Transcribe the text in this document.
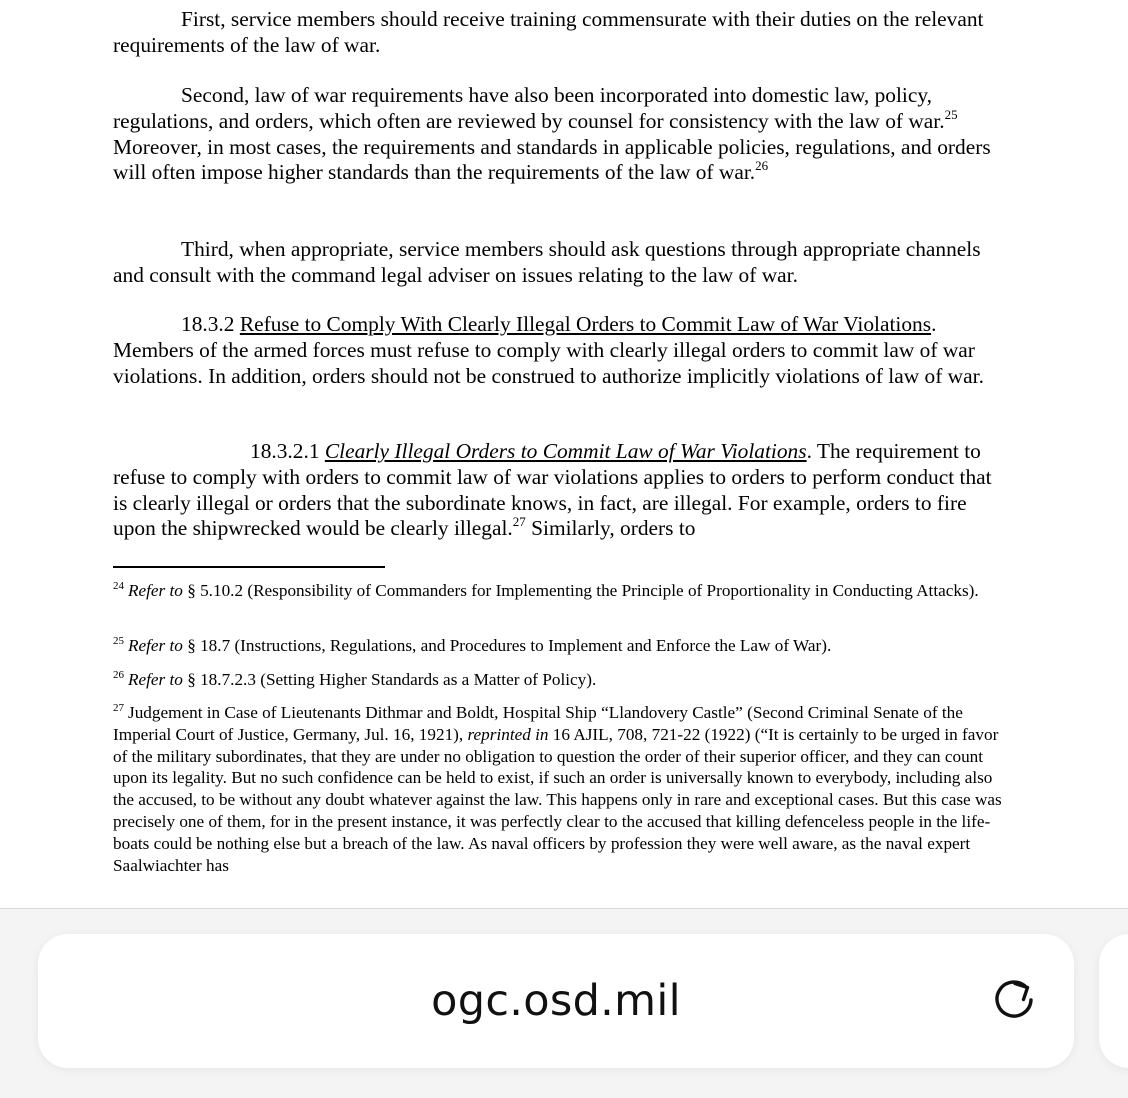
First, service members should receive training commensurate with their duties on the relevant requirements of the law of war.

Second, law of war requirements have also been incorporated into domestic law, policy, regulations, and orders, which often are reviewed by counsel for consistency with the law of war.$^{25}$ Moreover, in most cases, the requirements and standards in applicable policies, regulations, and orders will often impose higher standards than the requirements of the law of war.$^{26}$

Third, when appropriate, service members should ask questions through appropriate channels and consult with the command legal adviser on issues relating to the law of war.

18.3.2 Refuse to Comply With Clearly Illegal Orders to Commit Law of War Violations. Members of the armed forces must refuse to comply with clearly illegal orders to commit law of war violations. In addition, orders should not be construed to authorize implicitly violations of law of war.

18.3.2.1 Clearly Illegal Orders to Commit Law of War Violations. The requirement to refuse to comply with orders to commit law of war violations applies to orders to perform conduct that is clearly illegal or orders that the subordinate knows, in fact, are illegal. For example, orders to fire upon the shipwrecked would be clearly illegal.$^{27}$ Similarly, orders to

$^{24}$ Refer to § 5.10.2 (Responsibility of Commanders for Implementing the Principle of Proportionality in Conducting Attacks).

$^{25}$ Refer to § 18.7 (Instructions, Regulations, and Procedures to Implement and Enforce the Law of War).

$^{26}$ Refer to § 18.7.2.3 (Setting Higher Standards as a Matter of Policy).

$^{27}$ Judgement in Case of Lieutenants Dithmar and Boldt, Hospital Ship “Llandovery Castle” (Second Criminal Senate of the Imperial Court of Justice, Germany, Jul. 16, 1921), reprinted in 16 AJIL, 708, 721-22 (1922) (“It is certainly to be urged in favor of the military subordinates, that they are under no obligation to question the order of their superior officer, and they can count upon its legality. But no such confidence can be held to exist, if such an order is universally known to everybody, including also the accused, to be without any doubt whatever against the law. This happens only in rare and exceptional cases. But this case was precisely one of them, for in the present instance, it was perfectly clear to the accused that killing defenceless people in the life-boats could be nothing else but a breach of the law. As naval officers by profession they were well aware, as the naval expert Saalwiachter has

ogc.osd.mil
